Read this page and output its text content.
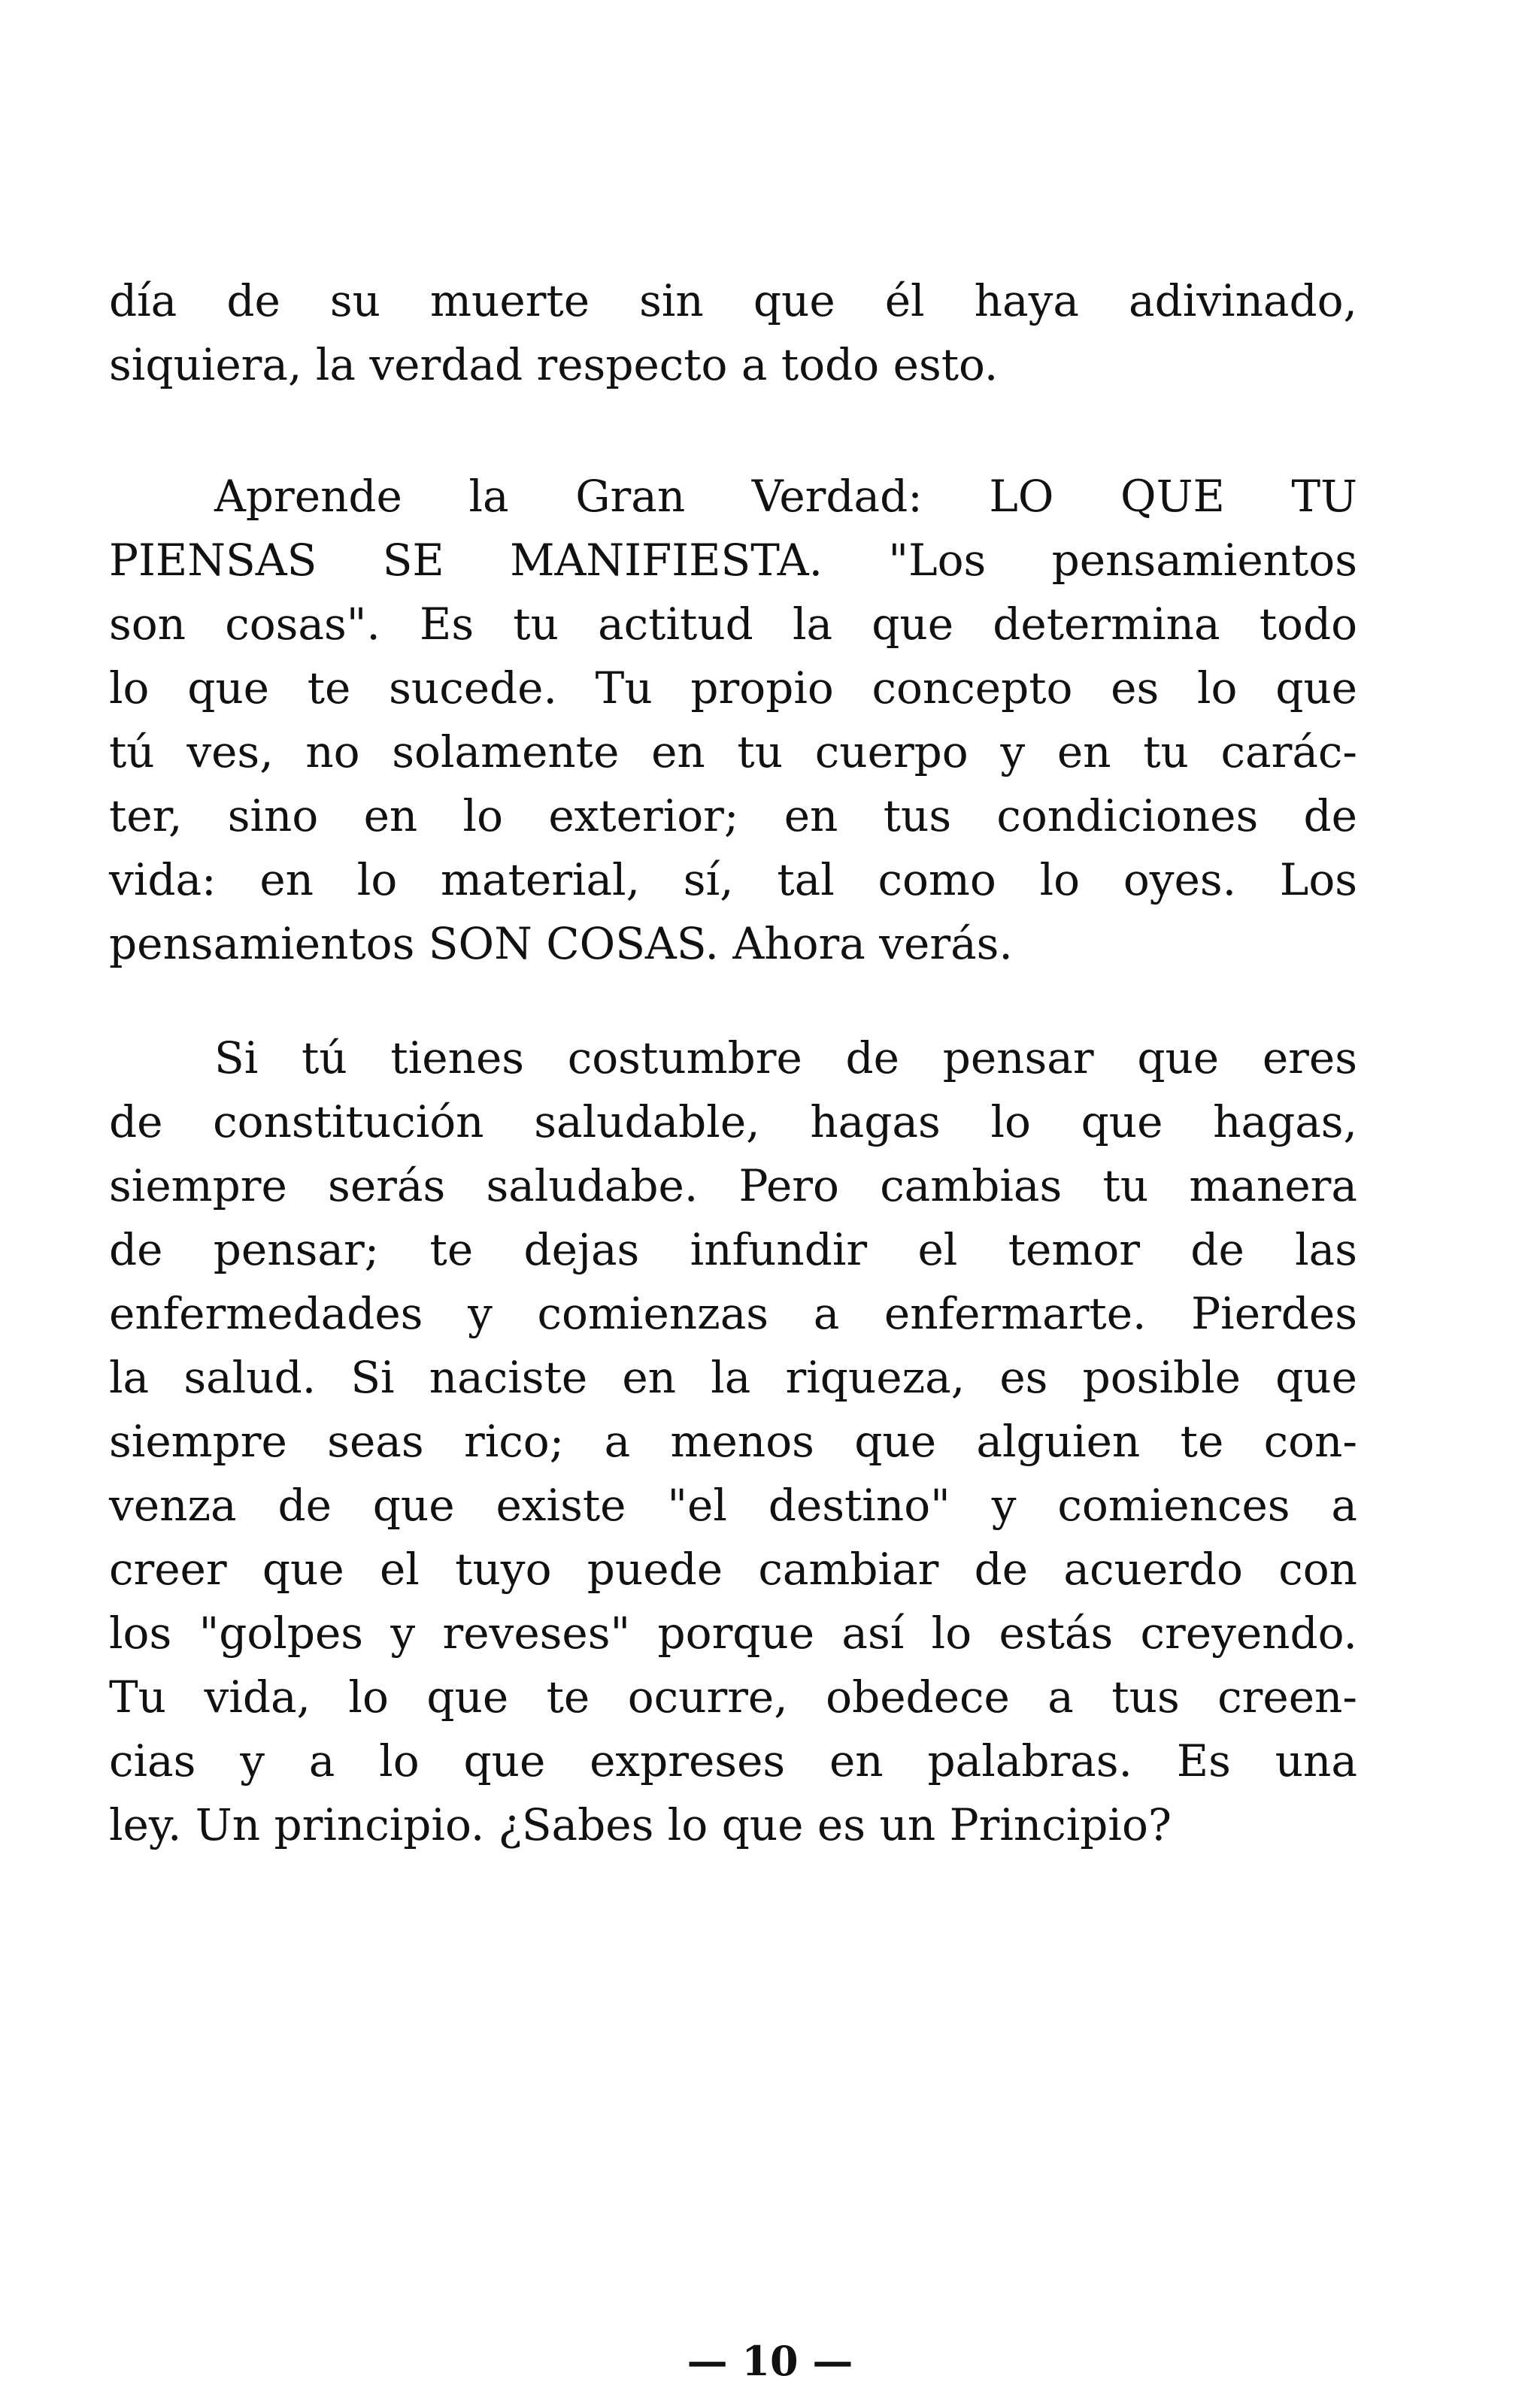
día de su muerte sin que él haya adivinado,
siquiera, la verdad respecto a todo esto.
Aprende la Gran Verdad: LO QUE TU
PIENSAS SE MANIFIESTA. "Los pensamientos
son cosas". Es tu actitud la que determina todo
lo que te sucede. Tu propio concepto es lo que
tú ves, no solamente en tu cuerpo y en tu carác-
ter, sino en lo exterior; en tus condiciones de
vida: en lo material, sí, tal como lo oyes. Los
pensamientos SON COSAS. Ahora verás.
Si tú tienes costumbre de pensar que eres
de constitución saludable, hagas lo que hagas,
siempre serás saludabe. Pero cambias tu manera
de pensar; te dejas infundir el temor de las
enfermedades y comienzas a enfermarte. Pierdes
la salud. Si naciste en la riqueza, es posible que
siempre seas rico; a menos que alguien te con-
venza de que existe "el destino" y comiences a
creer que el tuyo puede cambiar de acuerdo con
los "golpes y reveses" porque así lo estás creyendo.
Tu vida, lo que te ocurre, obedece a tus creen-
cias y a lo que expreses en palabras. Es una
ley. Un principio. ¿Sabes lo que es un Principio?
— 10 —
